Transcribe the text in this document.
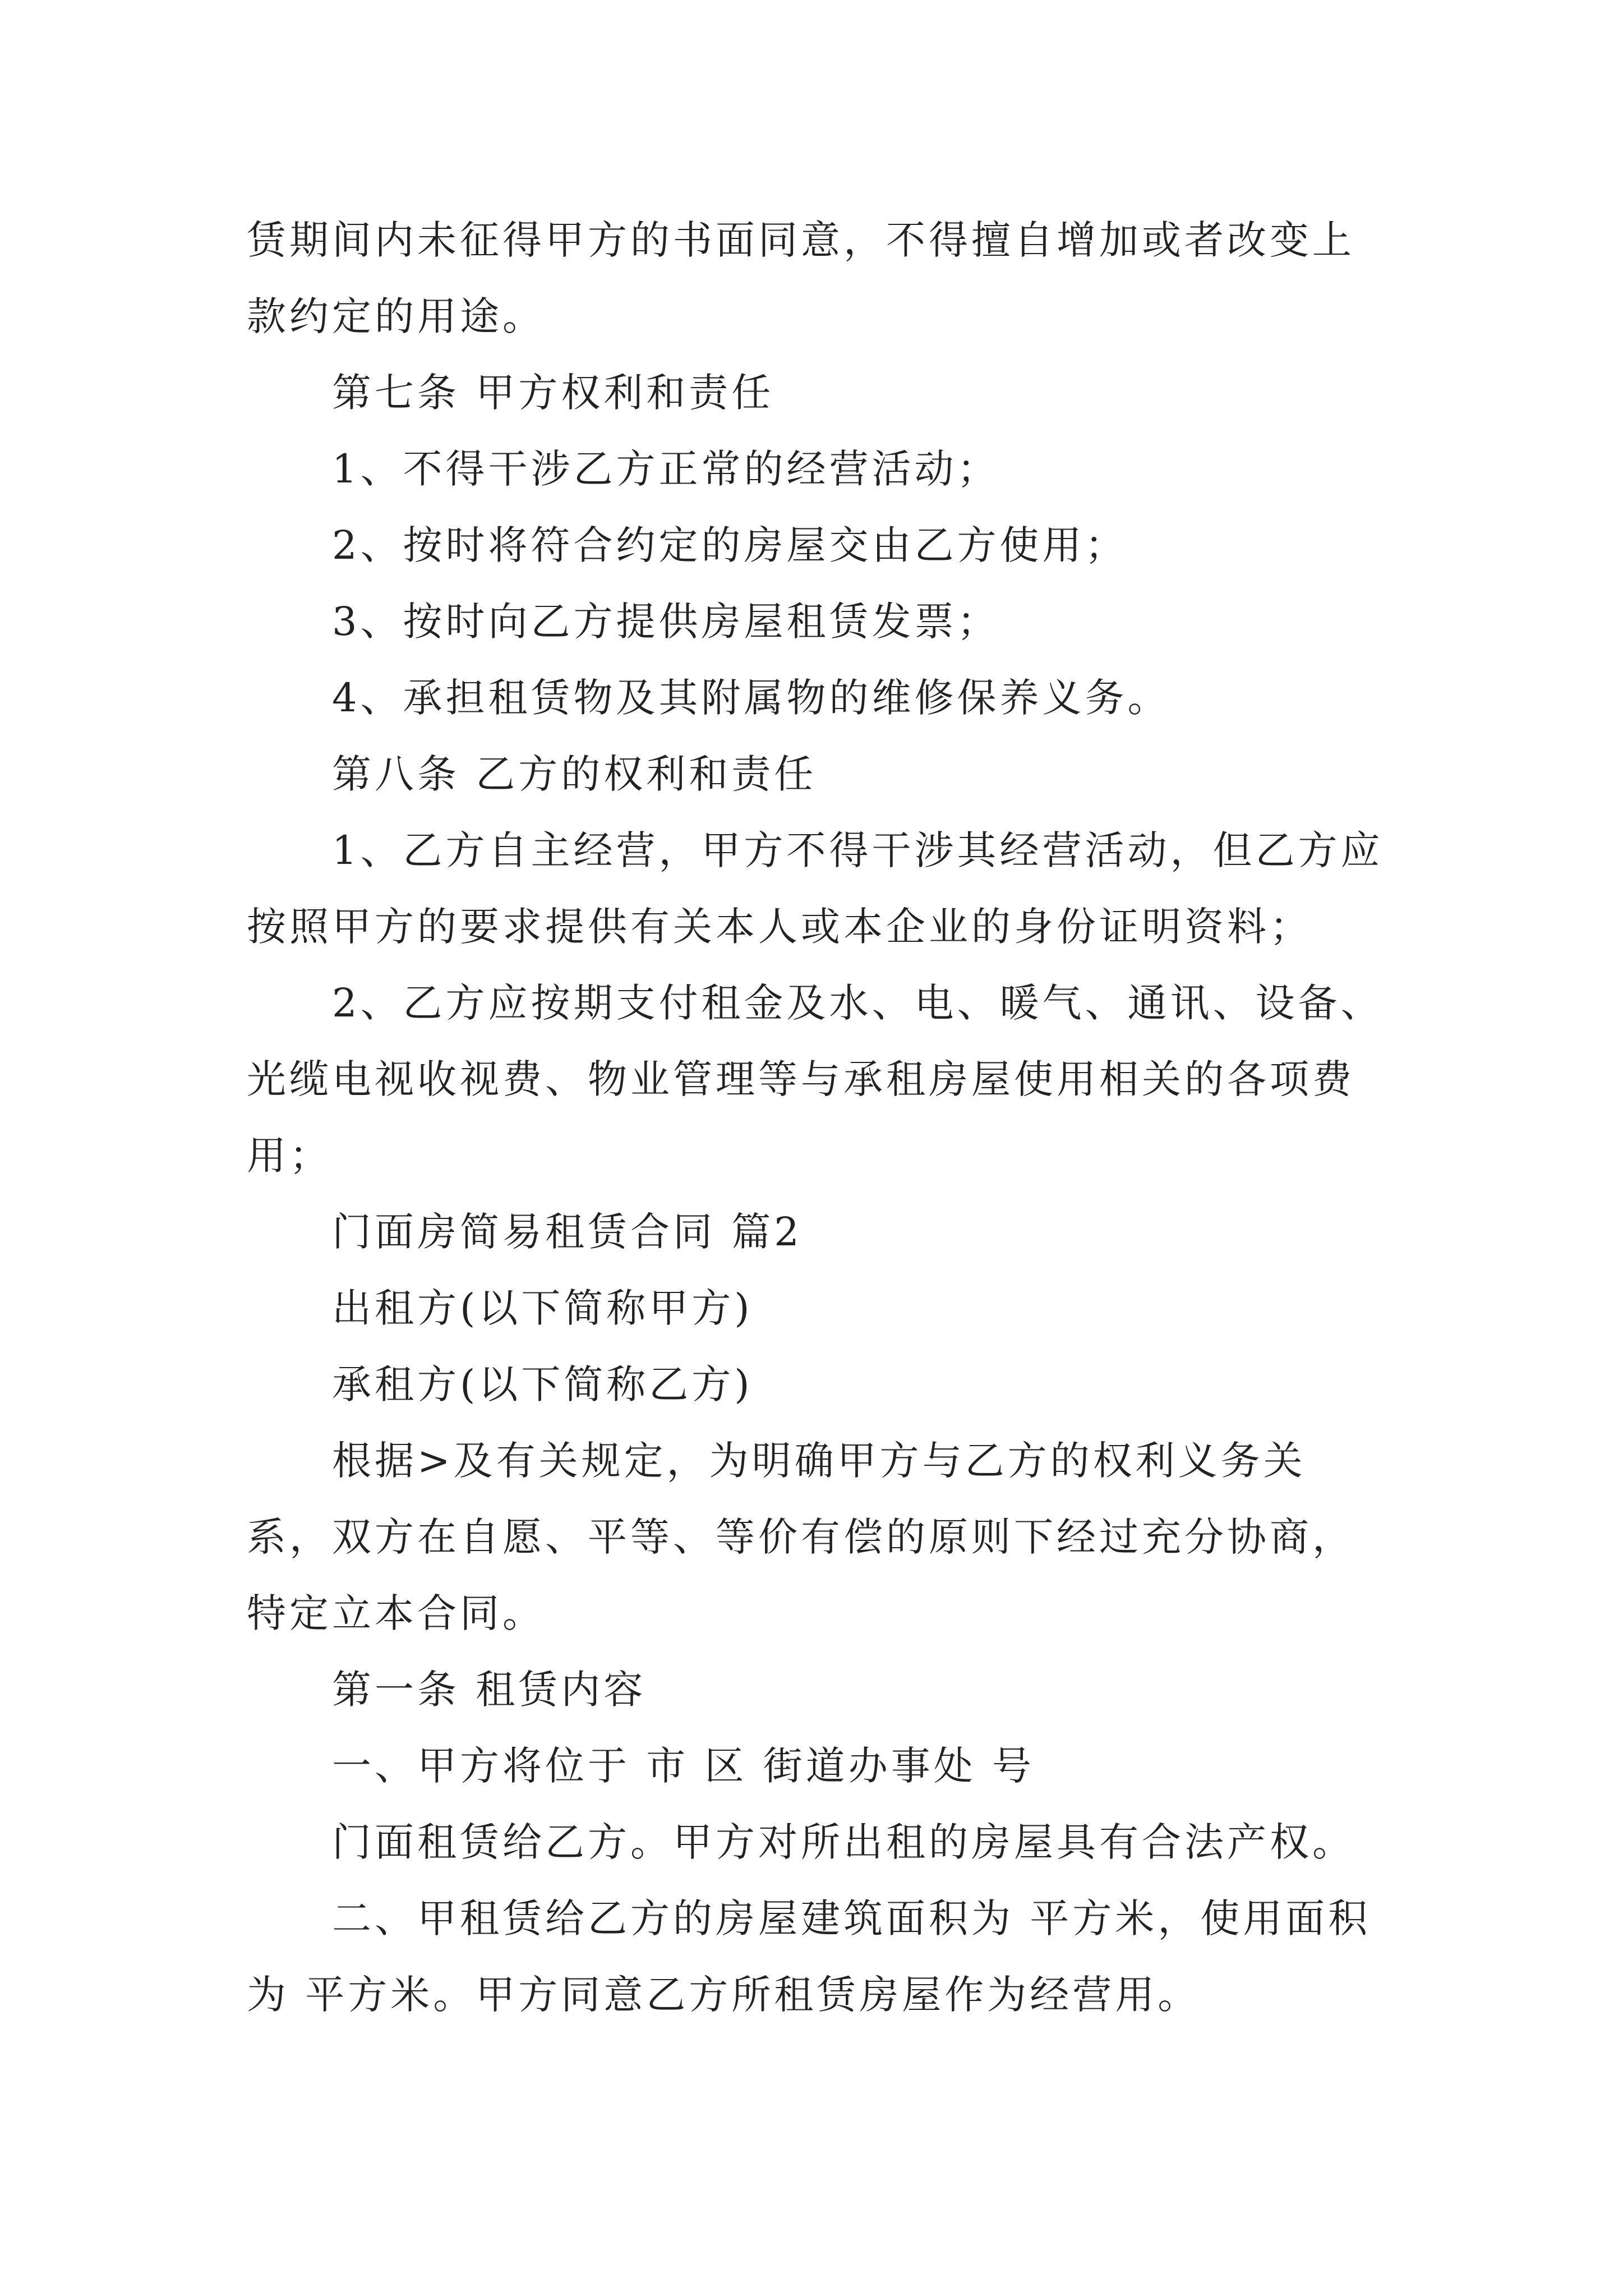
赁期间内未征得甲方的书面同意，不得擅自增加或者改变上款约定的用途。

第七条 甲方权利和责任

1、不得干涉乙方正常的经营活动；

2、按时将符合约定的房屋交由乙方使用；

3、按时向乙方提供房屋租赁发票；

4、承担租赁物及其附属物的维修保养义务。

第八条 乙方的权利和责任

1、乙方自主经营，甲方不得干涉其经营活动，但乙方应按照甲方的要求提供有关本人或本企业的身份证明资料；

2、乙方应按期支付租金及水、电、暖气、通讯、设备、光缆电视收视费、物业管理等与承租房屋使用相关的各项费用；

门面房简易租赁合同 篇2

出租方(以下简称甲方)

承租方(以下简称乙方)

根据>及有关规定，为明确甲方与乙方的权利义务关系，双方在自愿、平等、等价有偿的原则下经过充分协商，特定立本合同。

第一条 租赁内容

一、甲方将位于 市 区 街道办事处 号

门面租赁给乙方。甲方对所出租的房屋具有合法产权。

二、甲租赁给乙方的房屋建筑面积为 平方米，使用面积为 平方米。甲方同意乙方所租赁房屋作为经营用。
